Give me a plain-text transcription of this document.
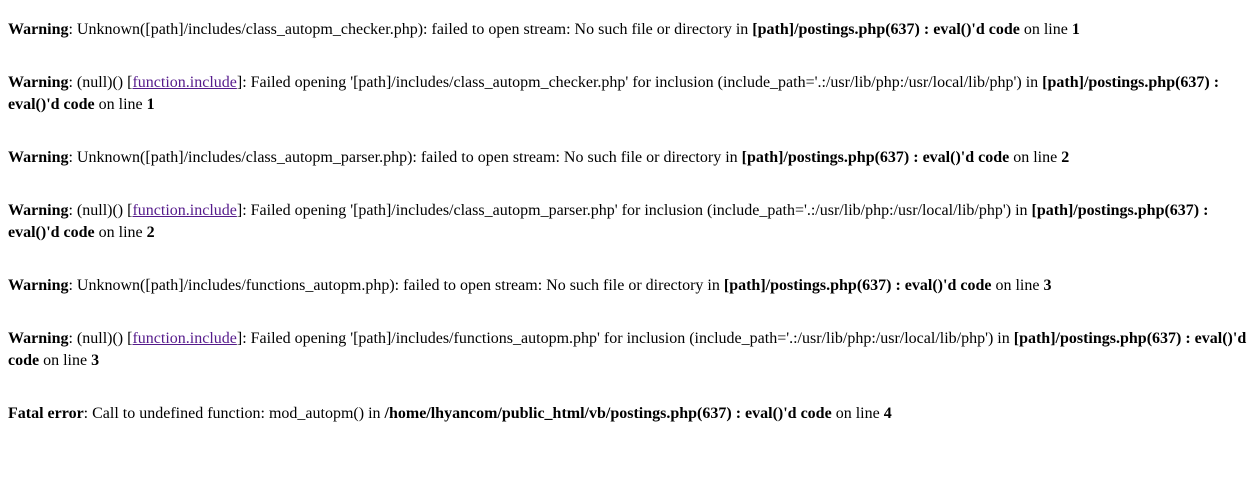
Warning: Unknown([path]/includes/class_autopm_checker.php): failed to open stream: No such file or directory in [path]/postings.php(637) : eval()'d code on line 1
Warning: (null)() [function.include]: Failed opening '[path]/includes/class_autopm_checker.php' for inclusion (include_path='.:/usr/lib/php:/usr/local/lib/php') in [path]/postings.php(637) : eval()'d code on line 1
Warning: Unknown([path]/includes/class_autopm_parser.php): failed to open stream: No such file or directory in [path]/postings.php(637) : eval()'d code on line 2
Warning: (null)() [function.include]: Failed opening '[path]/includes/class_autopm_parser.php' for inclusion (include_path='.:/usr/lib/php:/usr/local/lib/php') in [path]/postings.php(637) : eval()'d code on line 2
Warning: Unknown([path]/includes/functions_autopm.php): failed to open stream: No such file or directory in [path]/postings.php(637) : eval()'d code on line 3
Warning: (null)() [function.include]: Failed opening '[path]/includes/functions_autopm.php' for inclusion (include_path='.:/usr/lib/php:/usr/local/lib/php') in [path]/postings.php(637) : eval()'d code on line 3
Fatal error: Call to undefined function: mod_autopm() in /home/lhyancom/public_html/vb/postings.php(637) : eval()'d code on line 4
